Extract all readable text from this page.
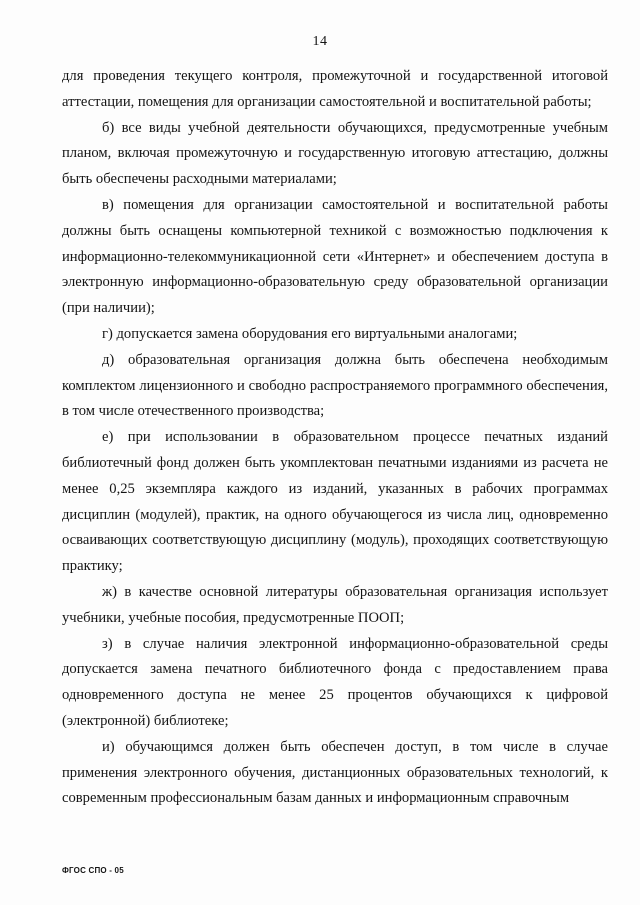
14

для проведения текущего контроля, промежуточной и государственной итоговой аттестации, помещения для организации самостоятельной и воспитательной работы;

б) все виды учебной деятельности обучающихся, предусмотренные учебным планом, включая промежуточную и государственную итоговую аттестацию, должны быть обеспечены расходными материалами;

в) помещения для организации самостоятельной и воспитательной работы должны быть оснащены компьютерной техникой с возможностью подключения к информационно-телекоммуникационной сети «Интернет» и обеспечением доступа в электронную информационно-образовательную среду образовательной организации (при наличии);

г) допускается замена оборудования его виртуальными аналогами;

д) образовательная организация должна быть обеспечена необходимым комплектом лицензионного и свободно распространяемого программного обеспечения, в том числе отечественного производства;

е) при использовании в образовательном процессе печатных изданий библиотечный фонд должен быть укомплектован печатными изданиями из расчета не менее 0,25 экземпляра каждого из изданий, указанных в рабочих программах дисциплин (модулей), практик, на одного обучающегося из числа лиц, одновременно осваивающих соответствующую дисциплину (модуль), проходящих соответствующую практику;

ж) в качестве основной литературы образовательная организация использует учебники, учебные пособия, предусмотренные ПООП;

з) в случае наличия электронной информационно-образовательной среды допускается замена печатного библиотечного фонда с предоставлением права одновременного доступа не менее 25 процентов обучающихся к цифровой (электронной) библиотеке;

и) обучающимся должен быть обеспечен доступ, в том числе в случае применения электронного обучения, дистанционных образовательных технологий, к современным профессиональным базам данных и информационным справочным

ФГОС СПО - 05
